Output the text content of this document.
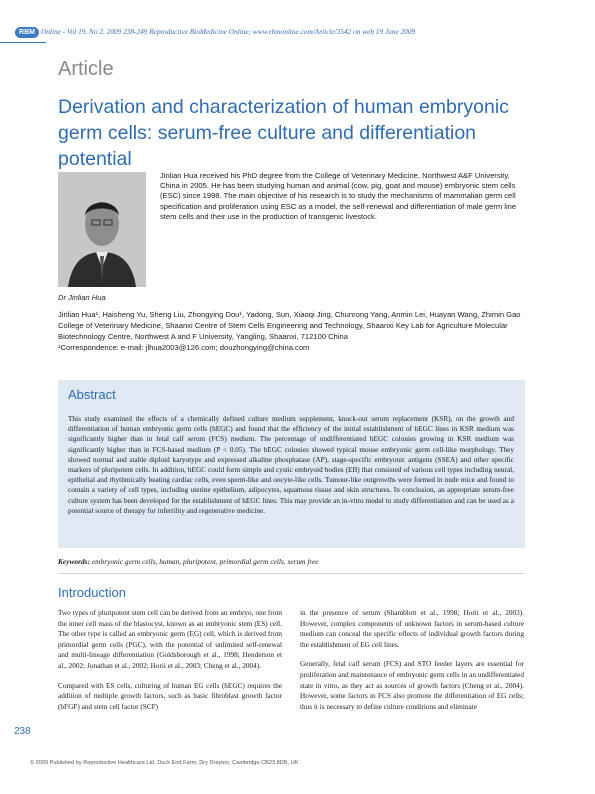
RBM Online - Vol 19. No 2. 2009 238-249 Reproductive BioMedicine Online; www.rbmonline.com/Article/3542 on web 19 June 2009
Article
Derivation and characterization of human embryonic germ cells: serum-free culture and differentiation potential
Jinlian Hua received his PhD degree from the College of Veterinary Medicine, Northwest A&F University, China in 2005. He has been studying human and animal (cow, pig, goat and mouse) embryonic stem cells (ESC) since 1998. The main objective of his research is to study the mechanisms of mammalian germ cell specification and proliferation using ESC as a model, the self-renewal and differentiation of male germ line stem cells and their use in the production of transgenic livestock.
Dr Jinlian Hua
Jinlian Hua¹, Haisheng Yu, Sheng Liu, Zhongying Dou¹, Yadong, Sun, Xiaoqi Jing, Chunrong Yang, Anmin Lei, Huayan Wang, Zhimin Gao
College of Veterinary Medicine, Shaanxi Centre of Stem Cells Engineering and Technology, Shaanxi Key Lab for Agriculture Molecular Biotechnology Centre, Northwest A and F University, Yangling, Shaanxi, 712100 China
¹Correspondence: e-mail: jlhua2003@126.com; douzhongying@china.com
Abstract
This study examined the effects of a chemically defined culture medium supplement, knock-out serum replacement (KSR), on the growth and differentiation of human embryonic germ cells (hEGC) and found that the efficiency of the initial establishment of hEGC lines in KSR medium was significantly higher than in fetal calf serum (FCS) medium. The percentage of undifferentiated hEGC colonies growing in KSR medium was significantly higher than in FCS-based medium (P < 0.05). The hEGC colonies showed typical mouse embryonic germ cell-like morphology. They showed normal and stable diploid karyotype and expressed alkaline phosphatase (AP), stage-specific embryonic antigens (SSEA) and other specific markers of pluripotent cells. In addition, hEGC could form simple and cystic embryoid bodies (EB) that consisted of various cell types including neural, epithelial and rhythmically beating cardiac cells, even sperm-like and oocyte-like cells. Tumour-like outgrowths were formed in nude mice and found to contain a variety of cell types, including uterine epithelium, adipocytes, squamous tissue and skin structures. In conclusion, an appropriate serum-free culture system has been developed for the establishment of hEGC lines. This may provide an in-vitro model to study differentiation and can be used as a potential source of therapy for infertility and regenerative medicine.
Keywords: embryonic germ cells, human, pluripotent, primordial germ cells, serum free
Introduction

Two types of pluripotent stem cell can be derived from an embryo, one from the inner cell mass of the blastocyst, known as an embryonic stem (ES) cell. The other type is called an embryonic germ (EG) cell, which is derived from primordial germ cells (PGC), with the potential of unlimited self-renewal and multi-lineage differentiation (Goldsborough et al., 1998; Henderson et al., 2002; Jonathan et al., 2002; Horii et al., 2003; Cheng et al., 2004).

Compared with ES cells, culturing of human EG cells (hEGC) requires the addition of multiple growth factors, such as basic fibroblast growth factor (bFGF) and stem cell factor (SCF)

in the presence of serum (Shamblott et al., 1998; Horii et al., 2003). However, complex components of unknown factors in serum-based culture medium can conceal the specific effects of individual growth factors during the establishment of EG cell lines.

Generally, fetal calf serum (FCS) and STO feeder layers are essential for proliferation and maintenance of embryonic germ cells in an undifferentiated state in vitro, as they act as sources of growth factors (Cheng et al., 2004). However, some factors in FCS also promote the differentiation of EG cells; thus it is necessary to define culture conditions and eliminate

238
© 2009 Published by Reproductive Healthcare Ltd, Duck End Farm, Dry Drayton, Cambridge CB23 8DB, UK
